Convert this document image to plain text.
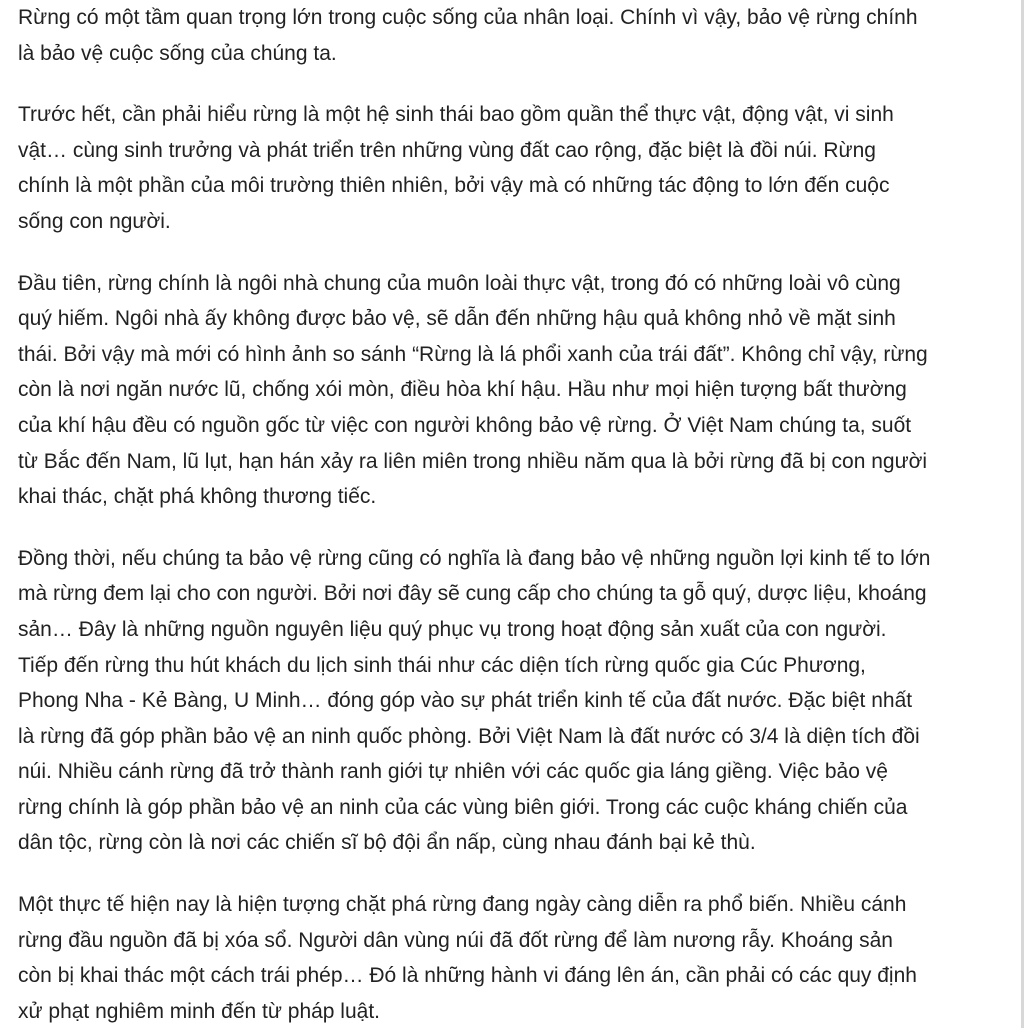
Rừng có một tầm quan trọng lớn trong cuộc sống của nhân loại. Chính vì vậy, bảo vệ rừng chính
là bảo vệ cuộc sống của chúng ta.

Trước hết, cần phải hiểu rừng là một hệ sinh thái bao gồm quần thể thực vật, động vật, vi sinh
vật… cùng sinh trưởng và phát triển trên những vùng đất cao rộng, đặc biệt là đồi núi. Rừng
chính là một phần của môi trường thiên nhiên, bởi vậy mà có những tác động to lớn đến cuộc
sống con người.

Đầu tiên, rừng chính là ngôi nhà chung của muôn loài thực vật, trong đó có những loài vô cùng
quý hiếm. Ngôi nhà ấy không được bảo vệ, sẽ dẫn đến những hậu quả không nhỏ về mặt sinh
thái. Bởi vậy mà mới có hình ảnh so sánh “Rừng là lá phổi xanh của trái đất”. Không chỉ vậy, rừng
còn là nơi ngăn nước lũ, chống xói mòn, điều hòa khí hậu. Hầu như mọi hiện tượng bất thường
của khí hậu đều có nguồn gốc từ việc con người không bảo vệ rừng. Ở Việt Nam chúng ta, suốt
từ Bắc đến Nam, lũ lụt, hạn hán xảy ra liên miên trong nhiều năm qua là bởi rừng đã bị con người
khai thác, chặt phá không thương tiếc.

Đồng thời, nếu chúng ta bảo vệ rừng cũng có nghĩa là đang bảo vệ những nguồn lợi kinh tế to lớn
mà rừng đem lại cho con người. Bởi nơi đây sẽ cung cấp cho chúng ta gỗ quý, dược liệu, khoáng
sản… Đây là những nguồn nguyên liệu quý phục vụ trong hoạt động sản xuất của con người.
Tiếp đến rừng thu hút khách du lịch sinh thái như các diện tích rừng quốc gia Cúc Phương,
Phong Nha - Kẻ Bàng, U Minh… đóng góp vào sự phát triển kinh tế của đất nước. Đặc biệt nhất
là rừng đã góp phần bảo vệ an ninh quốc phòng. Bởi Việt Nam là đất nước có 3/4 là diện tích đồi
núi. Nhiều cánh rừng đã trở thành ranh giới tự nhiên với các quốc gia láng giềng. Việc bảo vệ
rừng chính là góp phần bảo vệ an ninh của các vùng biên giới. Trong các cuộc kháng chiến của
dân tộc, rừng còn là nơi các chiến sĩ bộ đội ẩn nấp, cùng nhau đánh bại kẻ thù.

Một thực tế hiện nay là hiện tượng chặt phá rừng đang ngày càng diễn ra phổ biến. Nhiều cánh
rừng đầu nguồn đã bị xóa sổ. Người dân vùng núi đã đốt rừng để làm nương rẫy. Khoáng sản
còn bị khai thác một cách trái phép… Đó là những hành vi đáng lên án, cần phải có các quy định
xử phạt nghiêm minh đến từ pháp luật.
